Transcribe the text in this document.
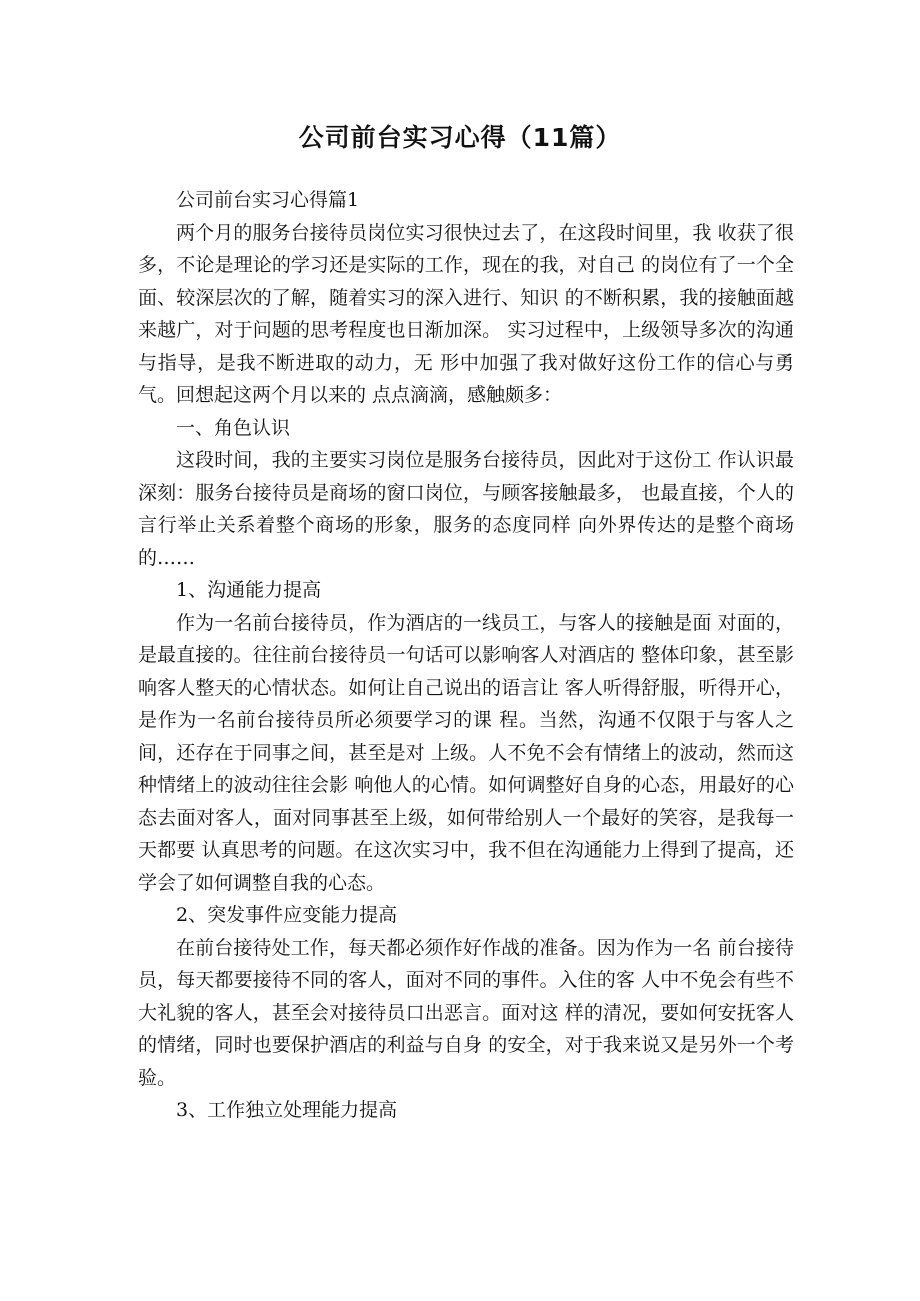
公司前台实习心得（11篇）

公司前台实习心得篇1

两个月的服务台接待员岗位实习很快过去了，在这段时间里，我 收获了很多，不论是理论的学习还是实际的工作，现在的我，对自己 的岗位有了一个全面、较深层次的了解，随着实习的深入进行、知识 的不断积累，我的接触面越来越广，对于问题的思考程度也日渐加深。 实习过程中，上级领导多次的沟通与指导，是我不断进取的动力，无 形中加强了我对做好这份工作的信心与勇气。回想起这两个月以来的 点点滴滴，感触颇多：

一、角色认识

这段时间，我的主要实习岗位是服务台接待员，因此对于这份工 作认识最深刻：服务台接待员是商场的窗口岗位，与顾客接触最多， 也最直接，个人的言行举止关系着整个商场的形象，服务的态度同样 向外界传达的是整个商场的……

1、沟通能力提高

作为一名前台接待员，作为酒店的一线员工，与客人的接触是面 对面的，是最直接的。往往前台接待员一句话可以影响客人对酒店的 整体印象，甚至影响客人整天的心情状态。如何让自己说出的语言让 客人听得舒服，听得开心，是作为一名前台接待员所必须要学习的课 程。当然，沟通不仅限于与客人之间，还存在于同事之间，甚至是对 上级。人不免不会有情绪上的波动，然而这种情绪上的波动往往会影 响他人的心情。如何调整好自身的心态，用最好的心态去面对客人，面对同事甚至上级，如何带给别人一个最好的笑容，是我每一天都要 认真思考的问题。在这次实习中，我不但在沟通能力上得到了提高，还学会了如何调整自我的心态。

2、突发事件应变能力提高

在前台接待处工作，每天都必须作好作战的准备。因为作为一名 前台接待员，每天都要接待不同的客人，面对不同的事件。入住的客 人中不免会有些不大礼貌的客人，甚至会对接待员口出恶言。面对这 样的清况，要如何安抚客人的情绪，同时也要保护酒店的利益与自身 的安全，对于我来说又是另外一个考验。

3、工作独立处理能力提高
